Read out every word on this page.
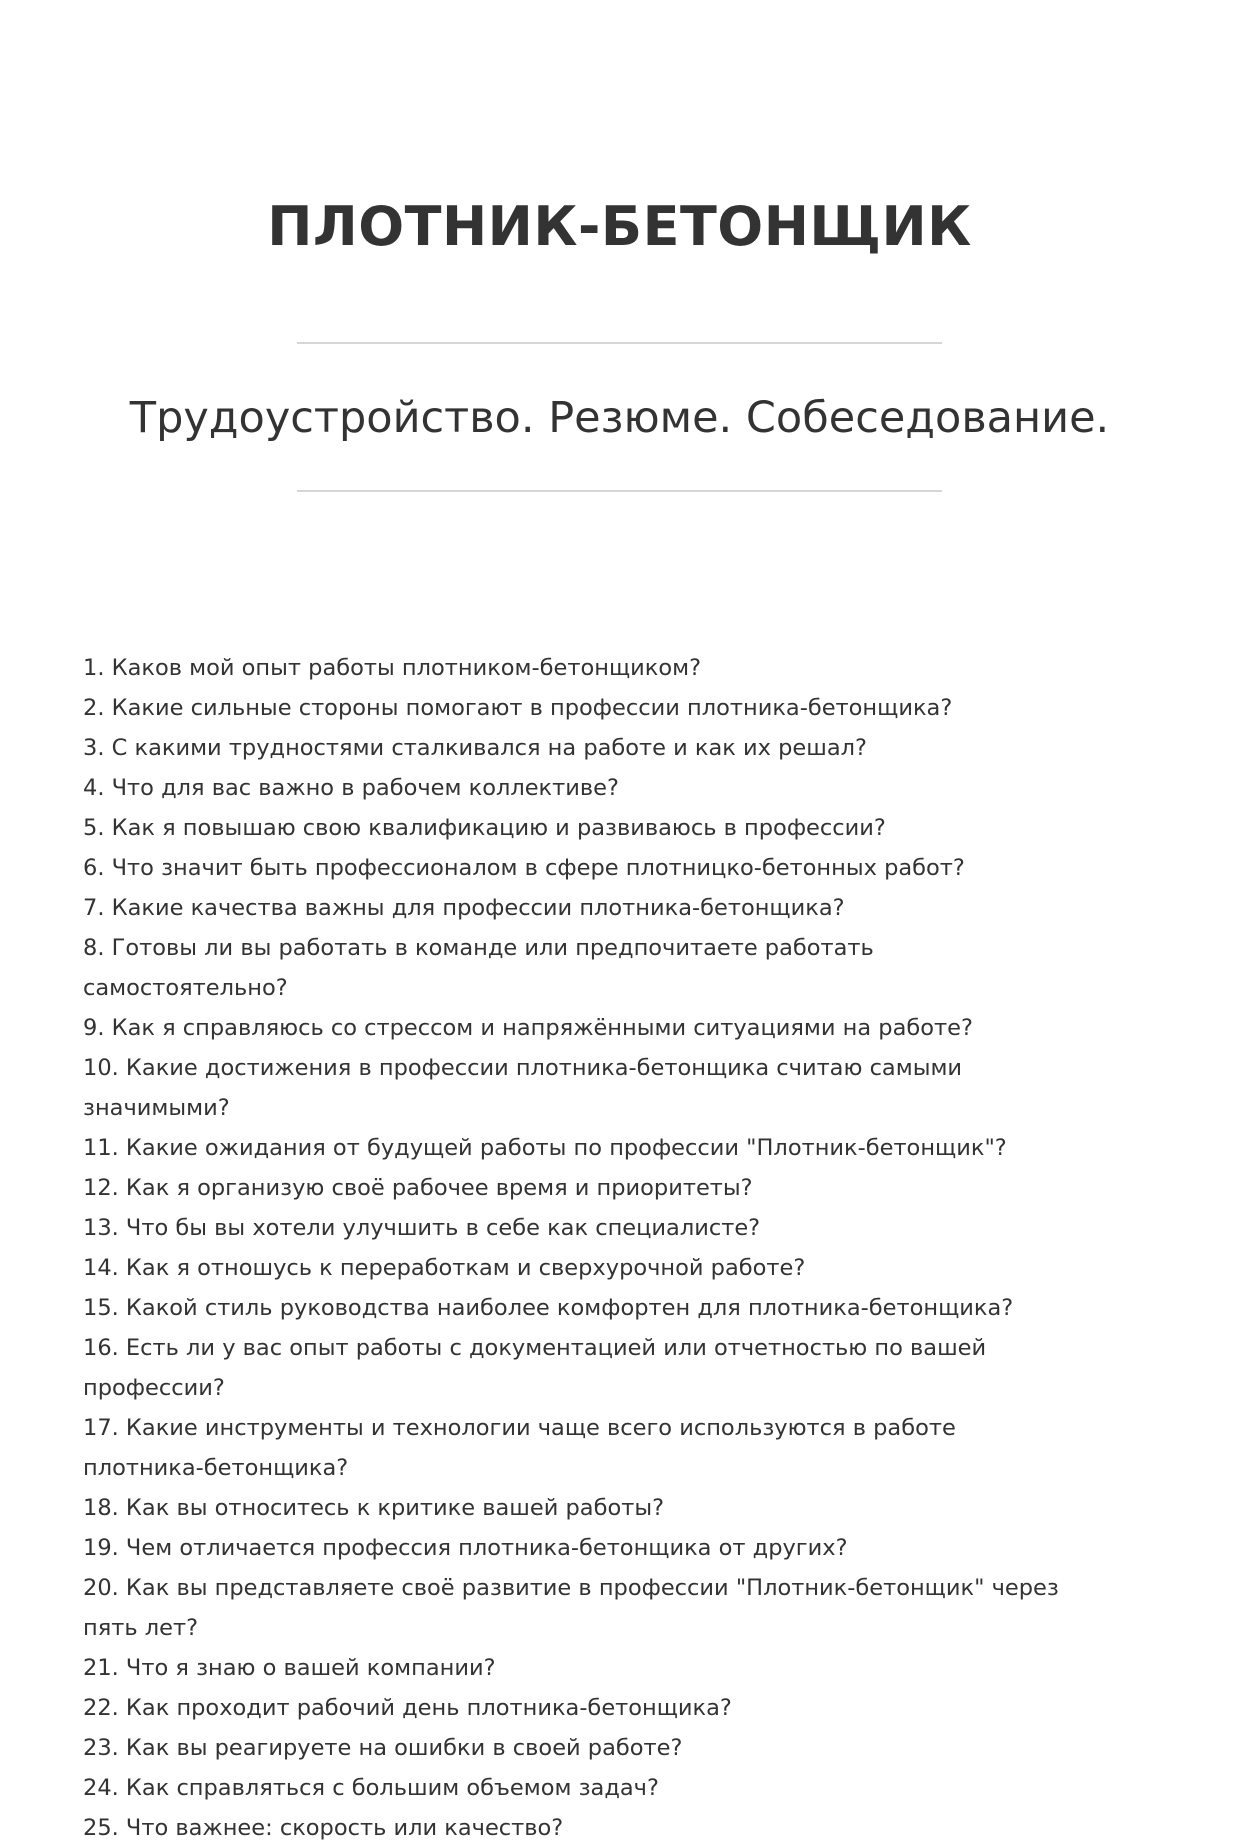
ПЛОТНИК-БЕТОНЩИК
Трудоустройство. Резюме. Собеседование.
1. Каков мой опыт работы плотником-бетонщиком?
2. Какие сильные стороны помогают в профессии плотника-бетонщика?
3. С какими трудностями сталкивался на работе и как их решал?
4. Что для вас важно в рабочем коллективе?
5. Как я повышаю свою квалификацию и развиваюсь в профессии?
6. Что значит быть профессионалом в сфере плотницко-бетонных работ?
7. Какие качества важны для профессии плотника-бетонщика?
8. Готовы ли вы работать в команде или предпочитаете работать самостоятельно?
9. Как я справляюсь со стрессом и напряжёнными ситуациями на работе?
10. Какие достижения в профессии плотника-бетонщика считаю самыми значимыми?
11. Какие ожидания от будущей работы по профессии "Плотник-бетонщик"?
12. Как я организую своё рабочее время и приоритеты?
13. Что бы вы хотели улучшить в себе как специалисте?
14. Как я отношусь к переработкам и сверхурочной работе?
15. Какой стиль руководства наиболее комфортен для плотника-бетонщика?
16. Есть ли у вас опыт работы с документацией или отчетностью по вашей профессии?
17. Какие инструменты и технологии чаще всего используются в работе плотника-бетонщика?
18. Как вы относитесь к критике вашей работы?
19. Чем отличается профессия плотника-бетонщика от других?
20. Как вы представляете своё развитие в профессии "Плотник-бетонщик" через пять лет?
21. Что я знаю о вашей компании?
22. Как проходит рабочий день плотника-бетонщика?
23. Как вы реагируете на ошибки в своей работе?
24. Как справляться с большим объемом задач?
25. Что важнее: скорость или качество?
